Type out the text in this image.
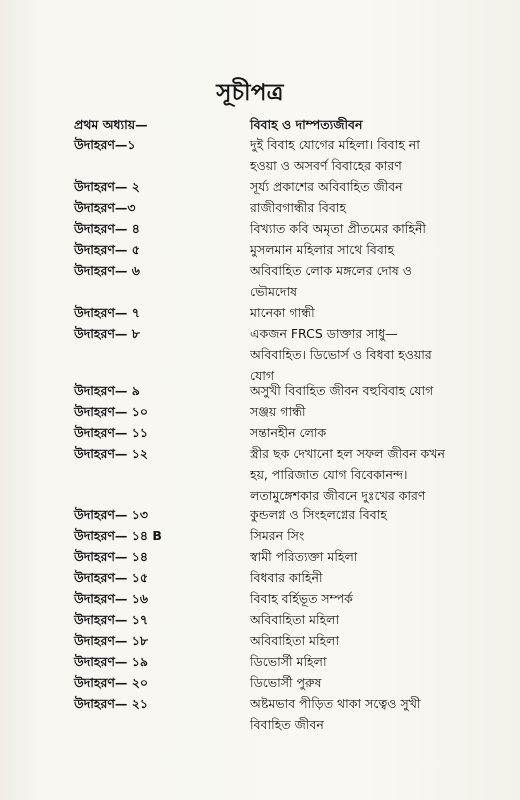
সূচীপত্র
প্রথম অধ্যায়—	বিবাহ ও দাম্পত্যজীবন
উদাহরণ—১	দুই বিবাহ যোগের মহিলা। বিবাহ না
হওয়া ও অসবর্ণ বিবাহের কারণ
উদাহরণ— ২	সূর্য্য প্রকাশের অবিবাহিত জীবন
উদাহরণ—৩	রাজীবগান্ধীর বিবাহ
উদাহরণ— ৪	বিখ্যাত কবি অমৃতা প্রীতমের কাহিনী
উদাহরণ— ৫	মুসলমান মহিলার সাথে বিবাহ
উদাহরণ— ৬	অবিবাহিত লোক মঙ্গলের দোষ ও
ভৌমদোষ
উদাহরণ— ৭	মানেকা গান্ধী
উদাহরণ— ৮	একজন FRCS ডাক্তার সাধু—
অবিবাহিত। ডিভোর্স ও বিধবা হওয়ার
যোগ
উদাহরণ— ৯	অসুখী বিবাহিত জীবন বহুবিবাহ যোগ
উদাহরণ— ১০	সঞ্জয় গান্ধী
উদাহরণ— ১১	সন্তানহীন লোক
উদাহরণ— ১২	স্ত্রীর ছক দেখানো হল সফল জীবন কখন
হয়, পারিজাত যোগ বিবেকানন্দ।
লতামুঙ্গেশকার জীবনে দুঃখের কারণ
উদাহরণ— ১৩	কুন্ডলগ্ন ও সিংহলগ্নের বিবাহ
উদাহরণ— ১৪ B	সিমরন সিং
উদাহরণ— ১৪	স্বামী পরিত্যক্তা মহিলা
উদাহরণ— ১৫	বিধবার কাহিনী
উদাহরণ— ১৬	বিবাহ বর্হিভূত সম্পর্ক
উদাহরণ— ১৭	অবিবাহিতা মহিলা
উদাহরণ— ১৮	অবিবাহিতা মহিলা
উদাহরণ— ১৯	ডিভোর্সী মহিলা
উদাহরণ— ২০	ডিভোর্সী পুরুষ
উদাহরণ— ২১	অষ্টমভাব পীড়িত থাকা সত্বেও সুখী
বিবাহিত জীবন
